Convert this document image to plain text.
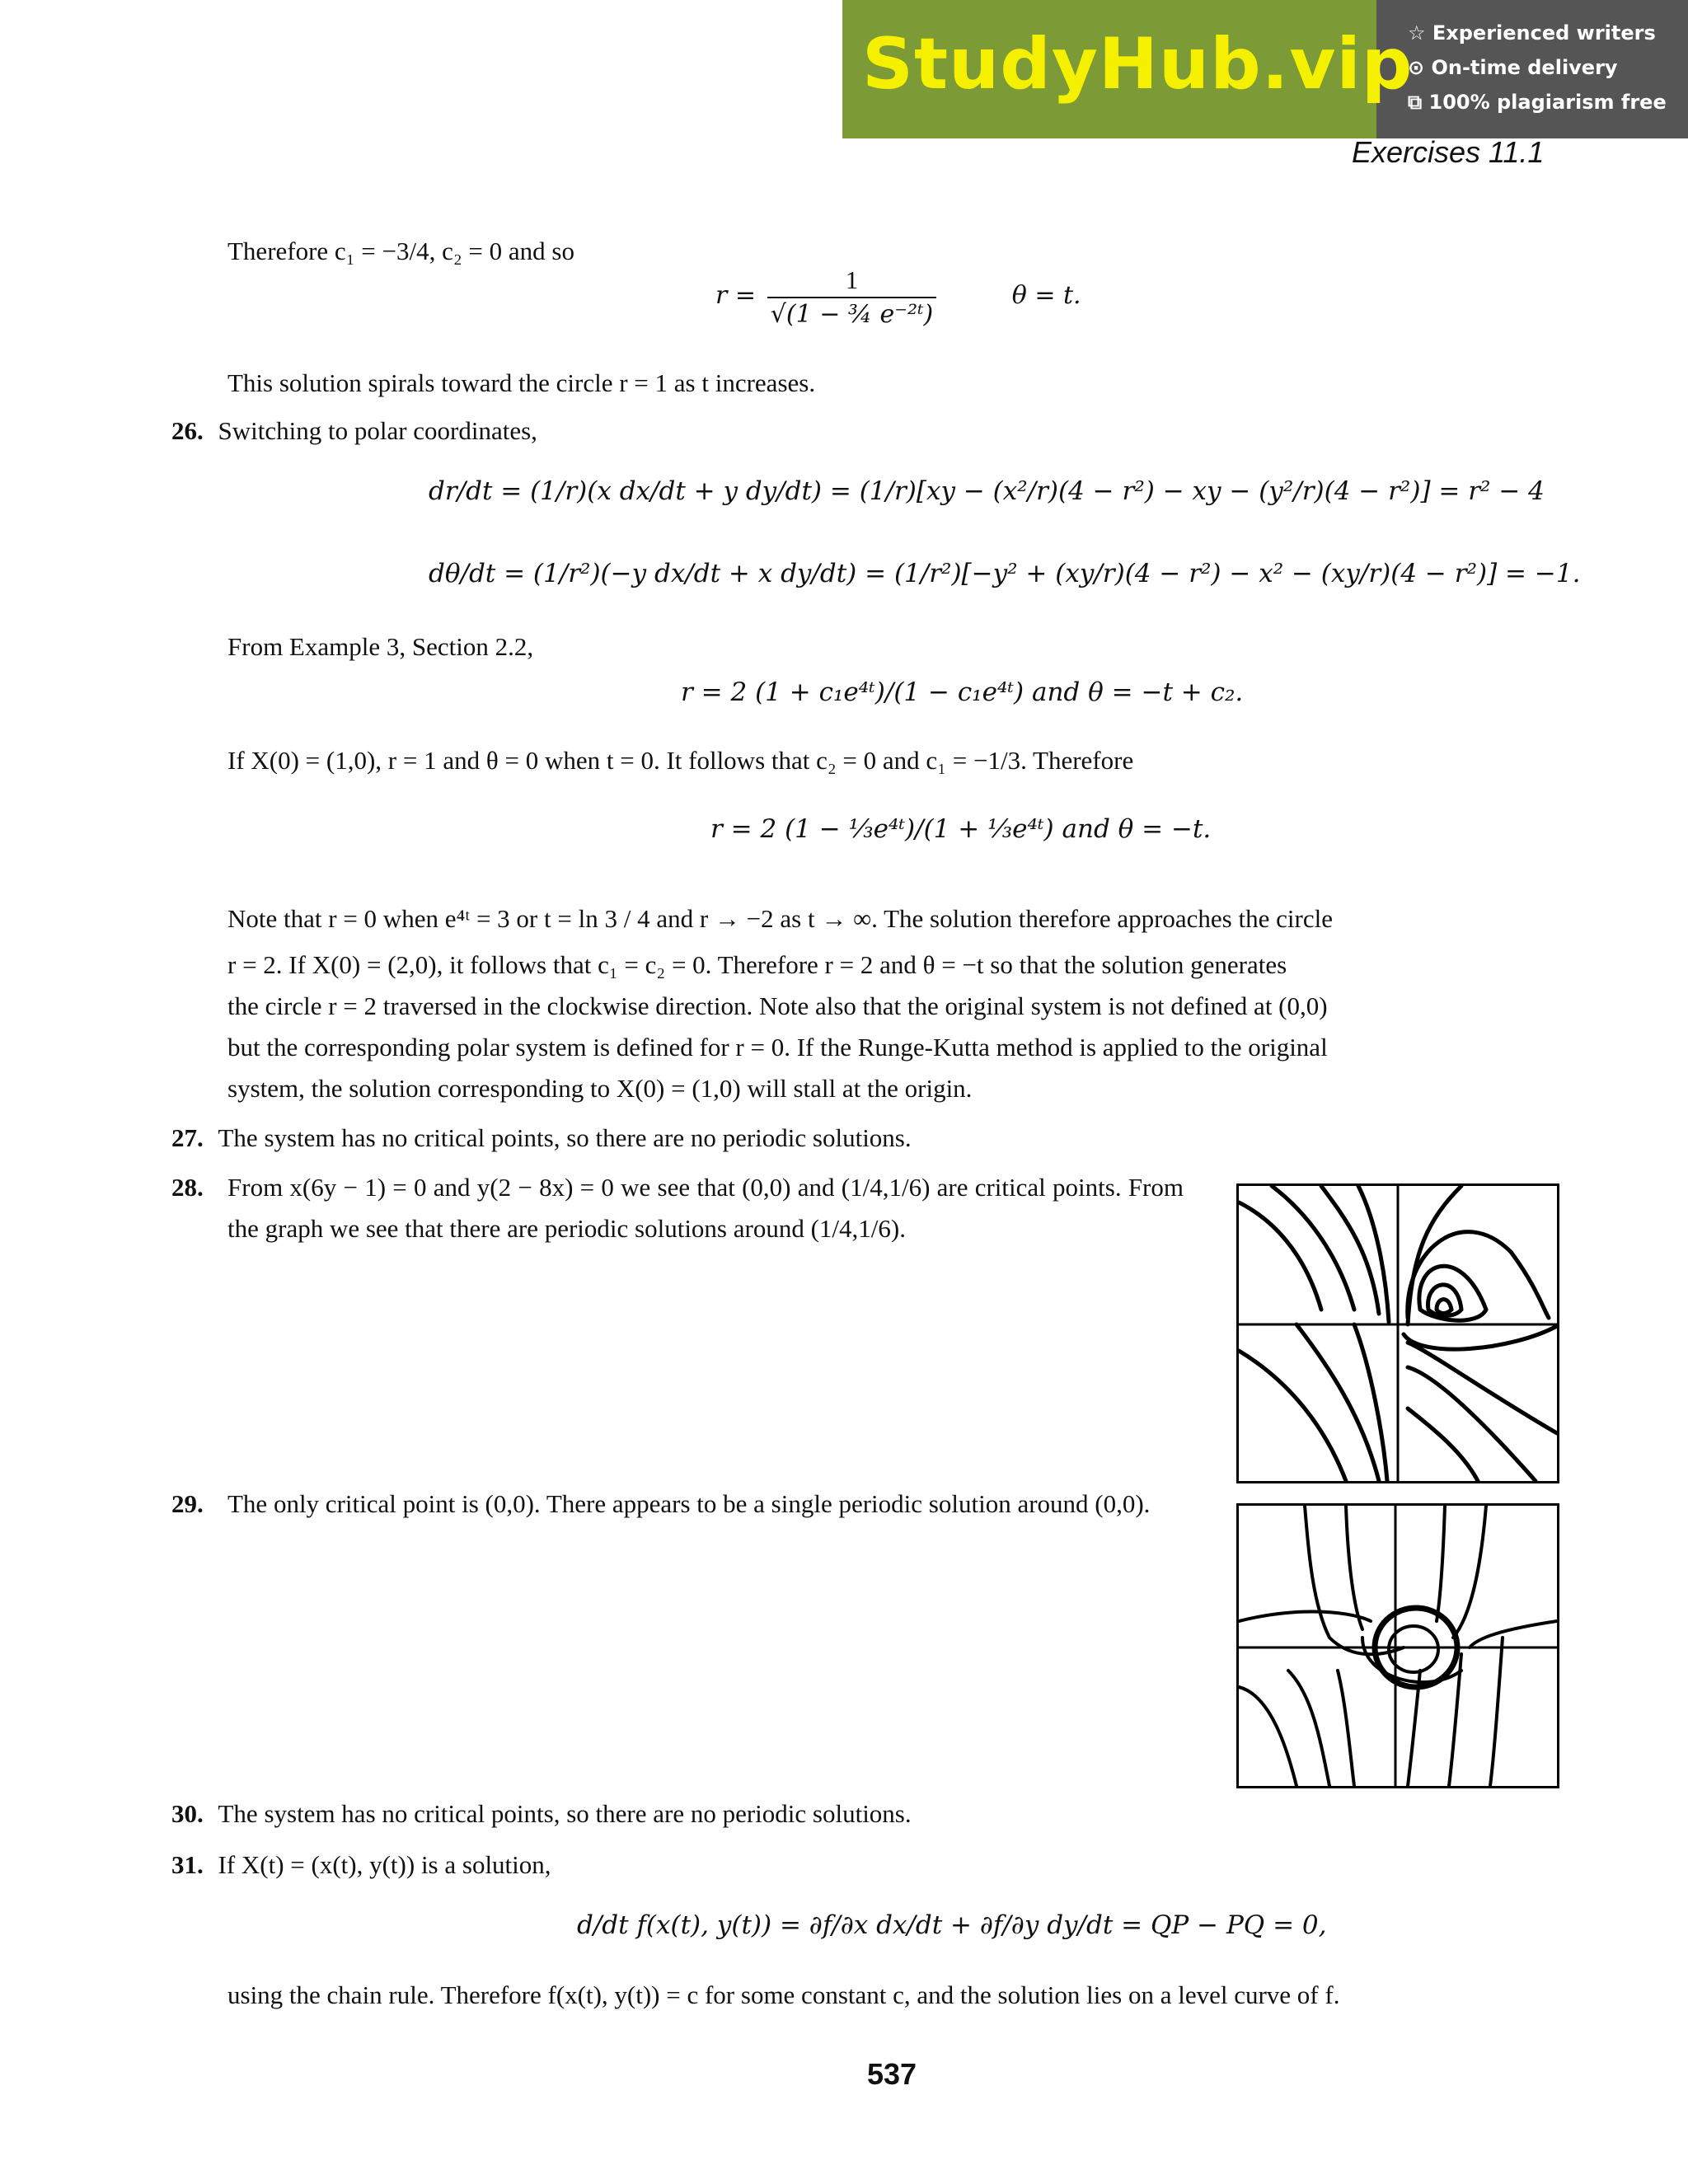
StudyHub.vip
☆ Experienced writers
⊙ On-time delivery
⧉ 100% plagiarism free
Exercises 11.1
Therefore c₁ = −3/4, c₂ = 0 and so
$r = \frac{1}{\text{√(1 − ¾ e⁻²ᵗ)}}$	θ = t.
This solution spirals toward the circle r = 1 as t increases.
26. Switching to polar coordinates,
dr/dt = (1/r)(x dx/dt + y dy/dt) = (1/r)[xy − (x²/r)(4 − r²) − xy − (y²/r)(4 − r²)] = r² − 4
dθ/dt = (1/r²)(−y dx/dt + x dy/dt) = (1/r²)[−y² + (xy/r)(4 − r²) − x² − (xy/r)(4 − r²)] = −1.
From Example 3, Section 2.2,
r = 2 (1 + c₁e⁴ᵗ)/(1 − c₁e⁴ᵗ) and θ = −t + c₂.
If X(0) = (1,0), r = 1 and θ = 0 when t = 0. It follows that c₂ = 0 and c₁ = −1/3. Therefore
r = 2 (1 − ⅓e⁴ᵗ)/(1 + ⅓e⁴ᵗ) and θ = −t.
Note that r = 0 when e⁴ᵗ = 3 or t = ln 3 / 4 and r → −2 as t → ∞. The solution therefore approaches the circle
r = 2. If X(0) = (2,0), it follows that c₁ = c₂ = 0. Therefore r = 2 and θ = −t so that the solution generates
the circle r = 2 traversed in the clockwise direction. Note also that the original system is not defined at (0,0)
but the corresponding polar system is defined for r = 0. If the Runge-Kutta method is applied to the original
system, the solution corresponding to X(0) = (1,0) will stall at the origin.
27. The system has no critical points, so there are no periodic solutions.
28. From x(6y − 1) = 0 and y(2 − 8x) = 0 we see that (0,0) and (1/4,1/6) are critical points. From the graph we see that there are periodic solutions around (1/4,1/6).
29. The only critical point is (0,0). There appears to be a single periodic solution around (0,0).
30. The system has no critical points, so there are no periodic solutions.
31. If X(t) = (x(t), y(t)) is a solution,
d/dt f(x(t), y(t)) = ∂f/∂x dx/dt + ∂f/∂y dy/dt = QP − PQ = 0,
using the chain rule. Therefore f(x(t), y(t)) = c for some constant c, and the solution lies on a level curve of f.
537
